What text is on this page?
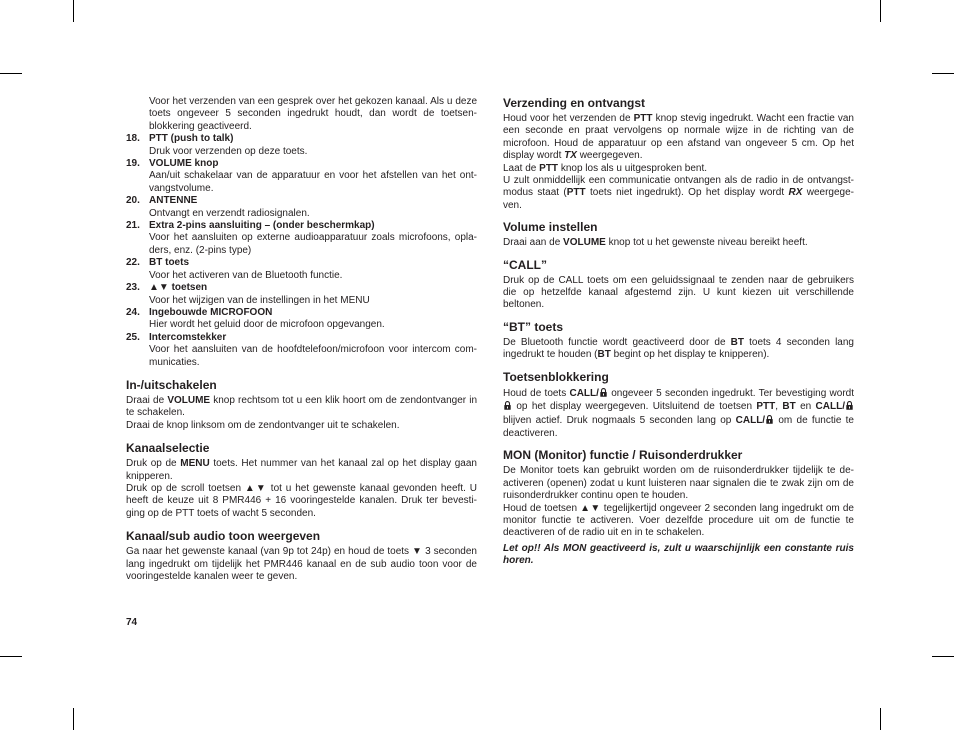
Voor het verzenden van een gesprek over het gekozen kanaal. Als u deze toets ongeveer 5 seconden ingedrukt houdt, dan wordt de toetsen-blokkering geactiveerd.
18. PTT (push to talk)
Druk voor verzenden op deze toets.
19. VOLUME knop
Aan/uit schakelaar van de apparatuur en voor het afstellen van het ont-vangstvolume.
20. ANTENNE
Ontvangt en verzendt radiosignalen.
21. Extra 2-pins aansluiting – (onder beschermkap)
Voor het aansluiten op externe audioapparatuur zoals microfoons, opla-ders, enz. (2-pins type)
22. BT toets
Voor het activeren van de Bluetooth functie.
23. ▲▼ toetsen
Voor het wijzigen van de instellingen in het MENU
24. Ingebouwde MICROFOON
Hier wordt het geluid door de microfoon opgevangen.
25. Intercomstekker
Voor het aansluiten van de hoofdtelefoon/microfoon voor intercom com-municaties.
In-/uitschakelen

Draai de VOLUME knop rechtsom tot u een klik hoort om de zendontvanger in te schakelen.

Draai de knop linksom om de zendontvanger uit te schakelen.

Kanaalselectie

Druk op de MENU toets. Het nummer van het kanaal zal op het display gaan knipperen.

Druk op de scroll toetsen ▲▼ tot u het gewenste kanaal gevonden heeft. U heeft de keuze uit 8 PMR446 + 16 vooringestelde kanalen. Druk ter bevesti-ging op de PTT toets of wacht 5 seconden.

Kanaal/sub audio toon weergeven

Ga naar het gewenste kanaal (van 9p tot 24p) en houd de toets ▼ 3 seconden lang ingedrukt om tijdelijk het PMR446 kanaal en de sub audio toon voor de vooringestelde kanalen weer te geven.

Verzending en ontvangst

Houd voor het verzenden de PTT knop stevig ingedrukt. Wacht een fractie van een seconde en praat vervolgens op normale wijze in de richting van de microfoon. Houd de apparatuur op een afstand van ongeveer 5 cm. Op het display wordt TX weergegeven.

Laat de PTT knop los als u uitgesproken bent.

U zult onmiddellijk een communicatie ontvangen als de radio in de ontvangst-modus staat (PTT toets niet ingedrukt). Op het display wordt RX weergege-ven.

Volume instellen

Draai aan de VOLUME knop tot u het gewenste niveau bereikt heeft.

“CALL”

Druk op de CALL toets om een geluidssignaal te zenden naar de gebruikers die op hetzelfde kanaal afgestemd zijn. U kunt kiezen uit verschillende beltonen.

“BT” toets

De Bluetooth functie wordt geactiveerd door de BT toets 4 seconden lang ingedrukt te houden (BT begint op het display te knipperen).

Toetsenblokkering

Houd de toets CALL/ ongeveer 5 seconden ingedrukt. Ter bevestiging wordt  op het display weergegeven. Uitsluitend de toetsen PTT, BT en CALL/ blijven actief. Druk nogmaals 5 seconden lang op CALL/ om de functie te deactiveren.

MON (Monitor) functie / Ruisonderdrukker

De Monitor toets kan gebruikt worden om de ruisonderdrukker tijdelijk te de-activeren (openen) zodat u kunt luisteren naar signalen die te zwak zijn om de ruisonderdrukker continu open te houden.

Houd de toetsen ▲▼ tegelijkertijd ongeveer 2 seconden lang ingedrukt om de monitor functie te activeren. Voer dezelfde procedure uit om de functie te deactiveren of de radio uit en in te schakelen.

Let op!! Als MON geactiveerd is, zult u waarschijnlijk een constante ruis horen.

74
